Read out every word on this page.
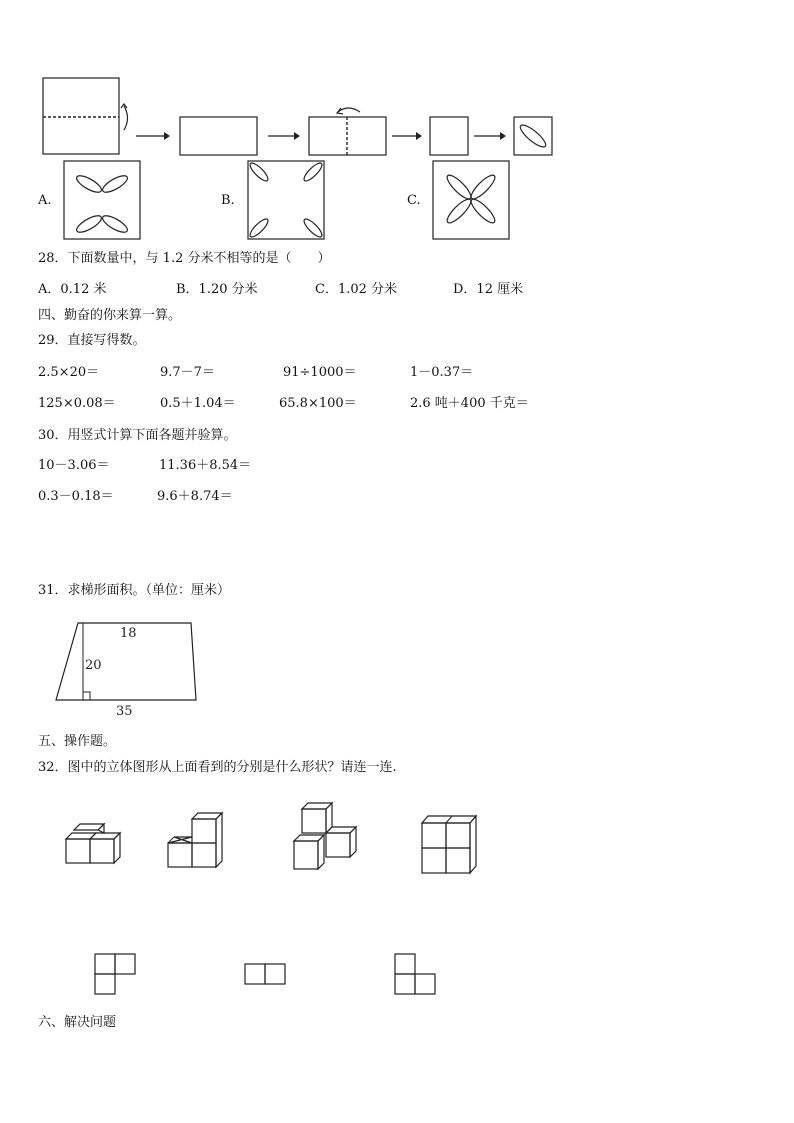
A.	B.	C.
28．下面数量中，与 1.2 分米不相等的是（　　）
A．0.12 米	B．1.20 分米	C．1.02 分米	D．12 厘米
四、勤奋的你来算一算。
29．直接写得数。
2.5×20＝	9.7－7＝	91÷1000＝	1－0.37＝
125×0.08＝	0.5＋1.04＝	65.8×100＝	2.6 吨＋400 千克＝
30．用竖式计算下面各题并验算。
10－3.06＝	11.36＋8.54＝
0.3－0.18＝	9.6＋8.74＝
31．求梯形面积。（单位：厘米）
18
20
35
五、操作题。
32．图中的立体图形从上面看到的分别是什么形状？请连一连.
六、解决问题
